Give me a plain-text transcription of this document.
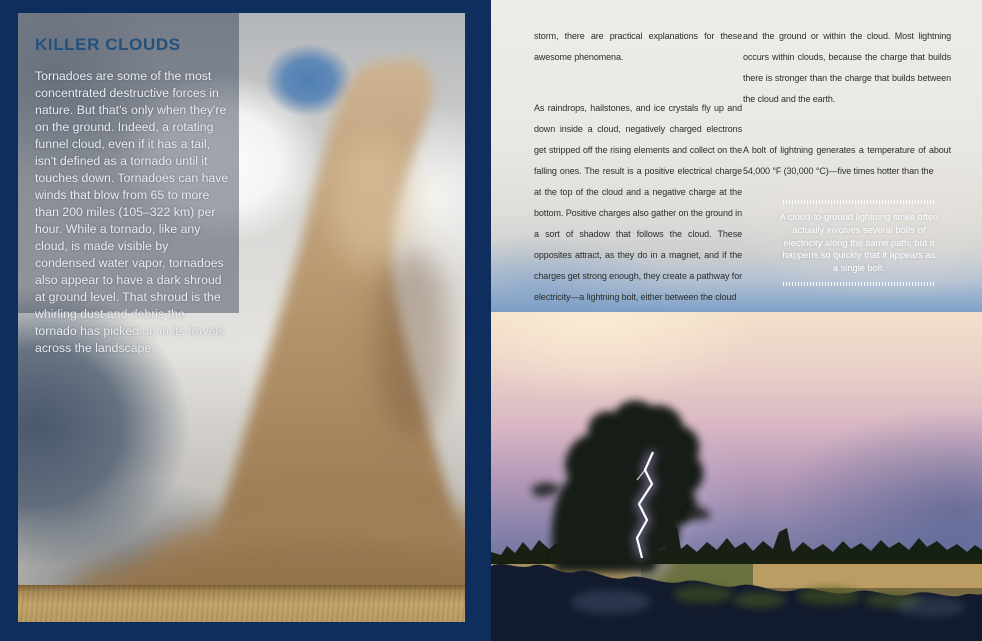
KILLER CLOUDS

Tornadoes are some of the most concentrated destructive forces in nature. But that's only when they're on the ground. Indeed, a rotating funnel cloud, even if it has a tail, isn't defined as a tornado until it touches down. Tornadoes can have winds that blow from 65 to more than 200 miles (105–322 km) per hour. While a tornado, like any cloud, is made visible by condensed water vapor, tornadoes also appear to have a dark shroud at ground level. That shroud is the whirling dust and debris the tornado has picked up in its travels across the landscape.

storm, there are practical explanations for these awesome phenomena.

As raindrops, hailstones, and ice crystals fly up and down inside a cloud, negatively charged electrons get stripped off the rising elements and collect on the falling ones. The result is a positive electrical charge at the top of the cloud and a negative charge at the bottom. Positive charges also gather on the ground in a sort of shadow that follows the cloud. These opposites attract, as they do in a magnet, and if the charges get strong enough, they create a pathway for electricity—a lightning bolt, either between the cloud

and the ground or within the cloud. Most lightning occurs within clouds, because the charge that builds there is stronger than the charge that builds between the cloud and the earth.

A bolt of lightning generates a temperature of about 54,000 °F (30,000 °C)—five times hotter than the

A cloud-to-ground lightning strike often actually involves several bolts of electricity along the same path, but it happens so quickly that it appears as a single bolt.
